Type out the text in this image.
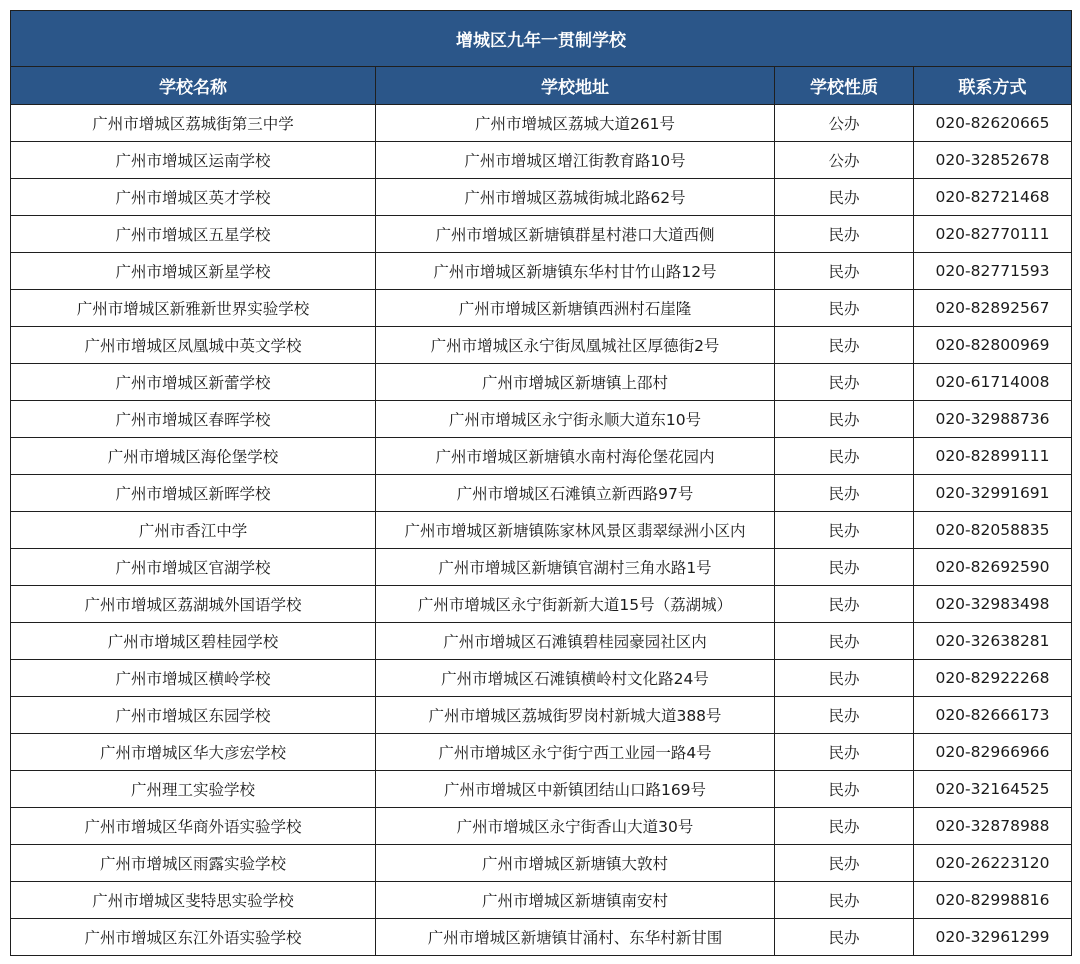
增城区九年一贯制学校			
学校名称	学校地址	学校性质	联系方式
广州市增城区荔城街第三中学	广州市增城区荔城大道261号	公办	020-82620665
广州市增城区运南学校	广州市增城区增江街教育路10号	公办	020-32852678
广州市增城区英才学校	广州市增城区荔城街城北路62号	民办	020-82721468
广州市增城区五星学校	广州市增城区新塘镇群星村港口大道西侧	民办	020-82770111
广州市增城区新星学校	广州市增城区新塘镇东华村甘竹山路12号	民办	020-82771593
广州市增城区新雅新世界实验学校	广州市增城区新塘镇西洲村石崖隆	民办	020-82892567
广州市增城区凤凰城中英文学校	广州市增城区永宁街凤凰城社区厚德街2号	民办	020-82800969
广州市增城区新蕾学校	广州市增城区新塘镇上邵村	民办	020-61714008
广州市增城区春晖学校	广州市增城区永宁街永顺大道东10号	民办	020-32988736
广州市增城区海伦堡学校	广州市增城区新塘镇水南村海伦堡花园内	民办	020-82899111
广州市增城区新晖学校	广州市增城区石滩镇立新西路97号	民办	020-32991691
广州市香江中学	广州市增城区新塘镇陈家林风景区翡翠绿洲小区内	民办	020-82058835
广州市增城区官湖学校	广州市增城区新塘镇官湖村三角水路1号	民办	020-82692590
广州市增城区荔湖城外国语学校	广州市增城区永宁街新新大道15号（荔湖城）	民办	020-32983498
广州市增城区碧桂园学校	广州市增城区石滩镇碧桂园豪园社区内	民办	020-32638281
广州市增城区横岭学校	广州市增城区石滩镇横岭村文化路24号	民办	020-82922268
广州市增城区东园学校	广州市增城区荔城街罗岗村新城大道388号	民办	020-82666173
广州市增城区华大彦宏学校	广州市增城区永宁街宁西工业园一路4号	民办	020-82966966
广州理工实验学校	广州市增城区中新镇团结山口路169号	民办	020-32164525
广州市增城区华商外语实验学校	广州市增城区永宁街香山大道30号	民办	020-32878988
广州市增城区雨露实验学校	广州市增城区新塘镇大敦村	民办	020-26223120
广州市增城区斐特思实验学校	广州市增城区新塘镇南安村	民办	020-82998816
广州市增城区东江外语实验学校	广州市增城区新塘镇甘涌村、东华村新甘围	民办	020-32961299
